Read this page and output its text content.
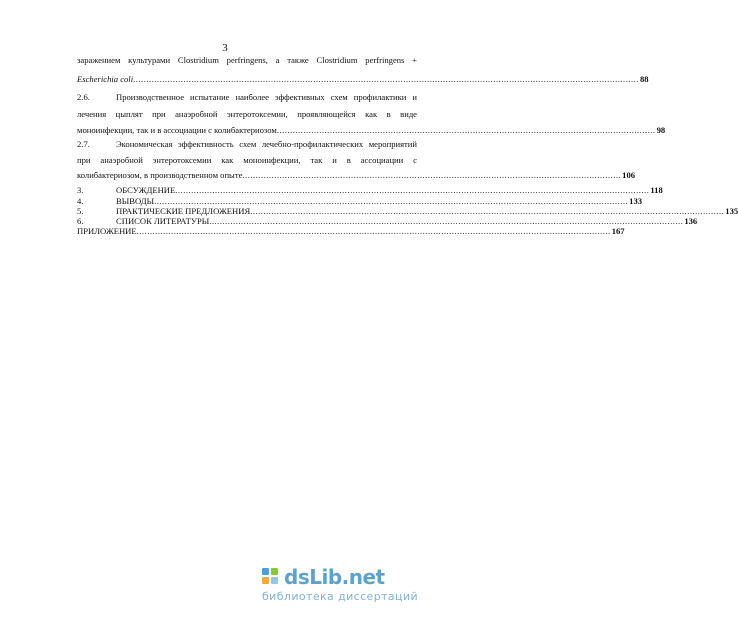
3
заражением культурами Clostridium perfringens, а также Clostridium perfringens +
Escherichia coli ............................................................................................................................................................................................... 88
2.6.	Производственное испытание наиболее эффективных схем профилактики и
лечения цыплят при анаэробной энтеротоксемии, проявляющейся как в виде
моноинфекции, так и в ассоциации с колибактериозом ............................................................................................................................................... 98
2.7.	Экономическая эффективность схем лечебно-профилактических мероприятий
при анаэробной энтеротоксемии как моноинфекции, так и в ассоциации с
колибактериозом, в производственном опыте ............................................................................................................................................... 106
3.	ОБСУЖДЕНИЕ ................................................................................................................................................................................... 118
4.	ВЫВОДЫ ................................................................................................................................................................................... 133
5.	ПРАКТИЧЕСКИЕ ПРЕДЛОЖЕНИЯ ................................................................................................................................................................................... 135
6.	СПИСОК ЛИТЕРАТУРЫ ................................................................................................................................................................................... 136
ПРИЛОЖЕНИЕ ................................................................................................................................................................................... 167
dsLib.net
библиотека диссертаций
